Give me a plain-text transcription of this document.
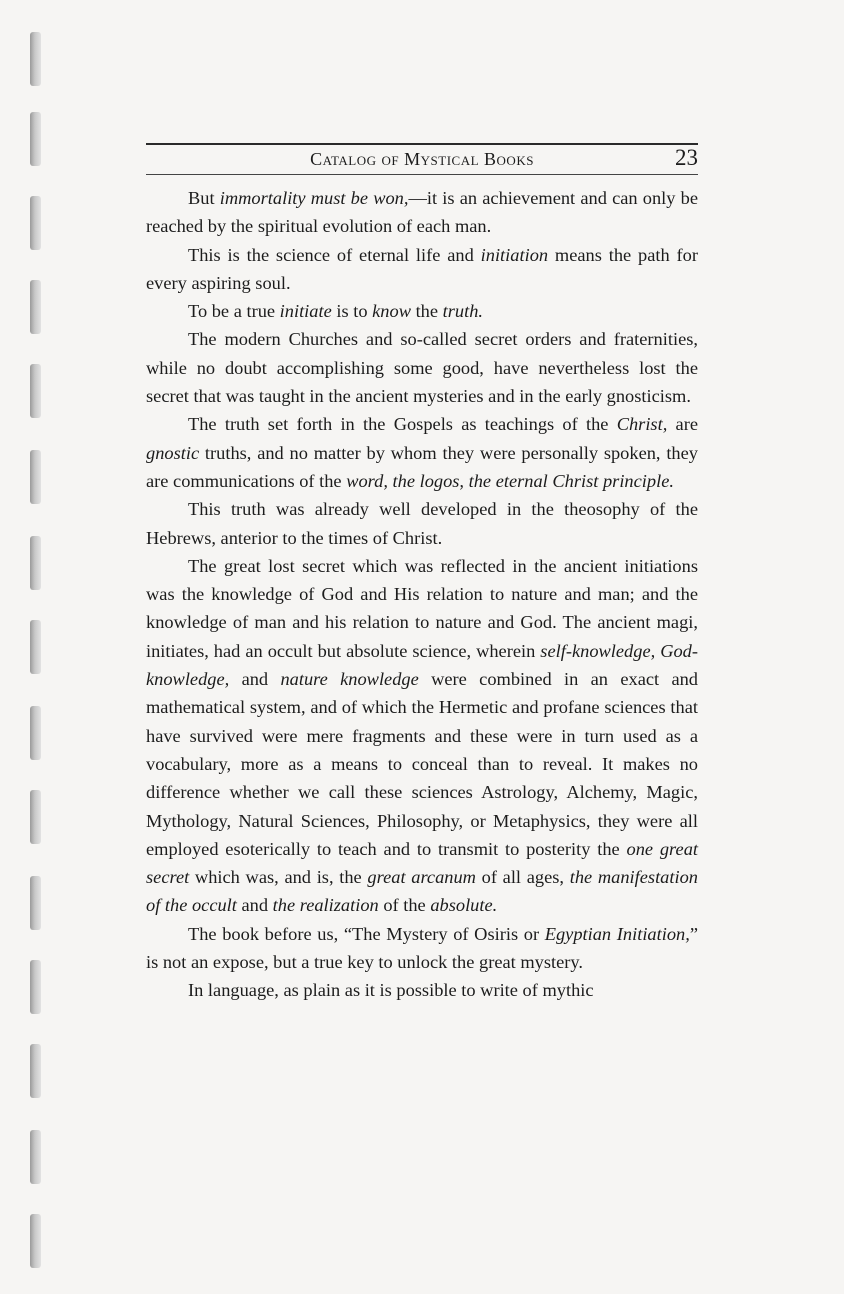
Catalog of Mystical Books	23

But immortality must be won,—it is an achievement and can only be reached by the spiritual evolution of each man.

This is the science of eternal life and initiation means the path for every aspiring soul.

To be a true initiate is to know the truth.

The modern Churches and so-called secret orders and fraternities, while no doubt accomplishing some good, have nevertheless lost the secret that was taught in the ancient mysteries and in the early gnosticism.

The truth set forth in the Gospels as teachings of the Christ, are gnostic truths, and no matter by whom they were personally spoken, they are communications of the word, the logos, the eternal Christ principle.

This truth was already well developed in the theosophy of the Hebrews, anterior to the times of Christ.

The great lost secret which was reflected in the ancient initiations was the knowledge of God and His relation to nature and man; and the knowledge of man and his relation to nature and God. The ancient magi, initiates, had an occult but absolute science, wherein self-knowledge, God-knowledge, and nature knowledge were combined in an exact and mathematical system, and of which the Hermetic and profane sciences that have survived were mere fragments and these were in turn used as a vocabulary, more as a means to conceal than to reveal. It makes no difference whether we call these sciences Astrology, Alchemy, Magic, Mythology, Natural Sciences, Philosophy, or Metaphysics, they were all employed esoterically to teach and to transmit to posterity the one great secret which was, and is, the great arcanum of all ages, the manifestation of the occult and the realization of the absolute.

The book before us, “The Mystery of Osiris or Egyptian Initiation,” is not an expose, but a true key to unlock the great mystery.

In language, as plain as it is possible to write of mythic
